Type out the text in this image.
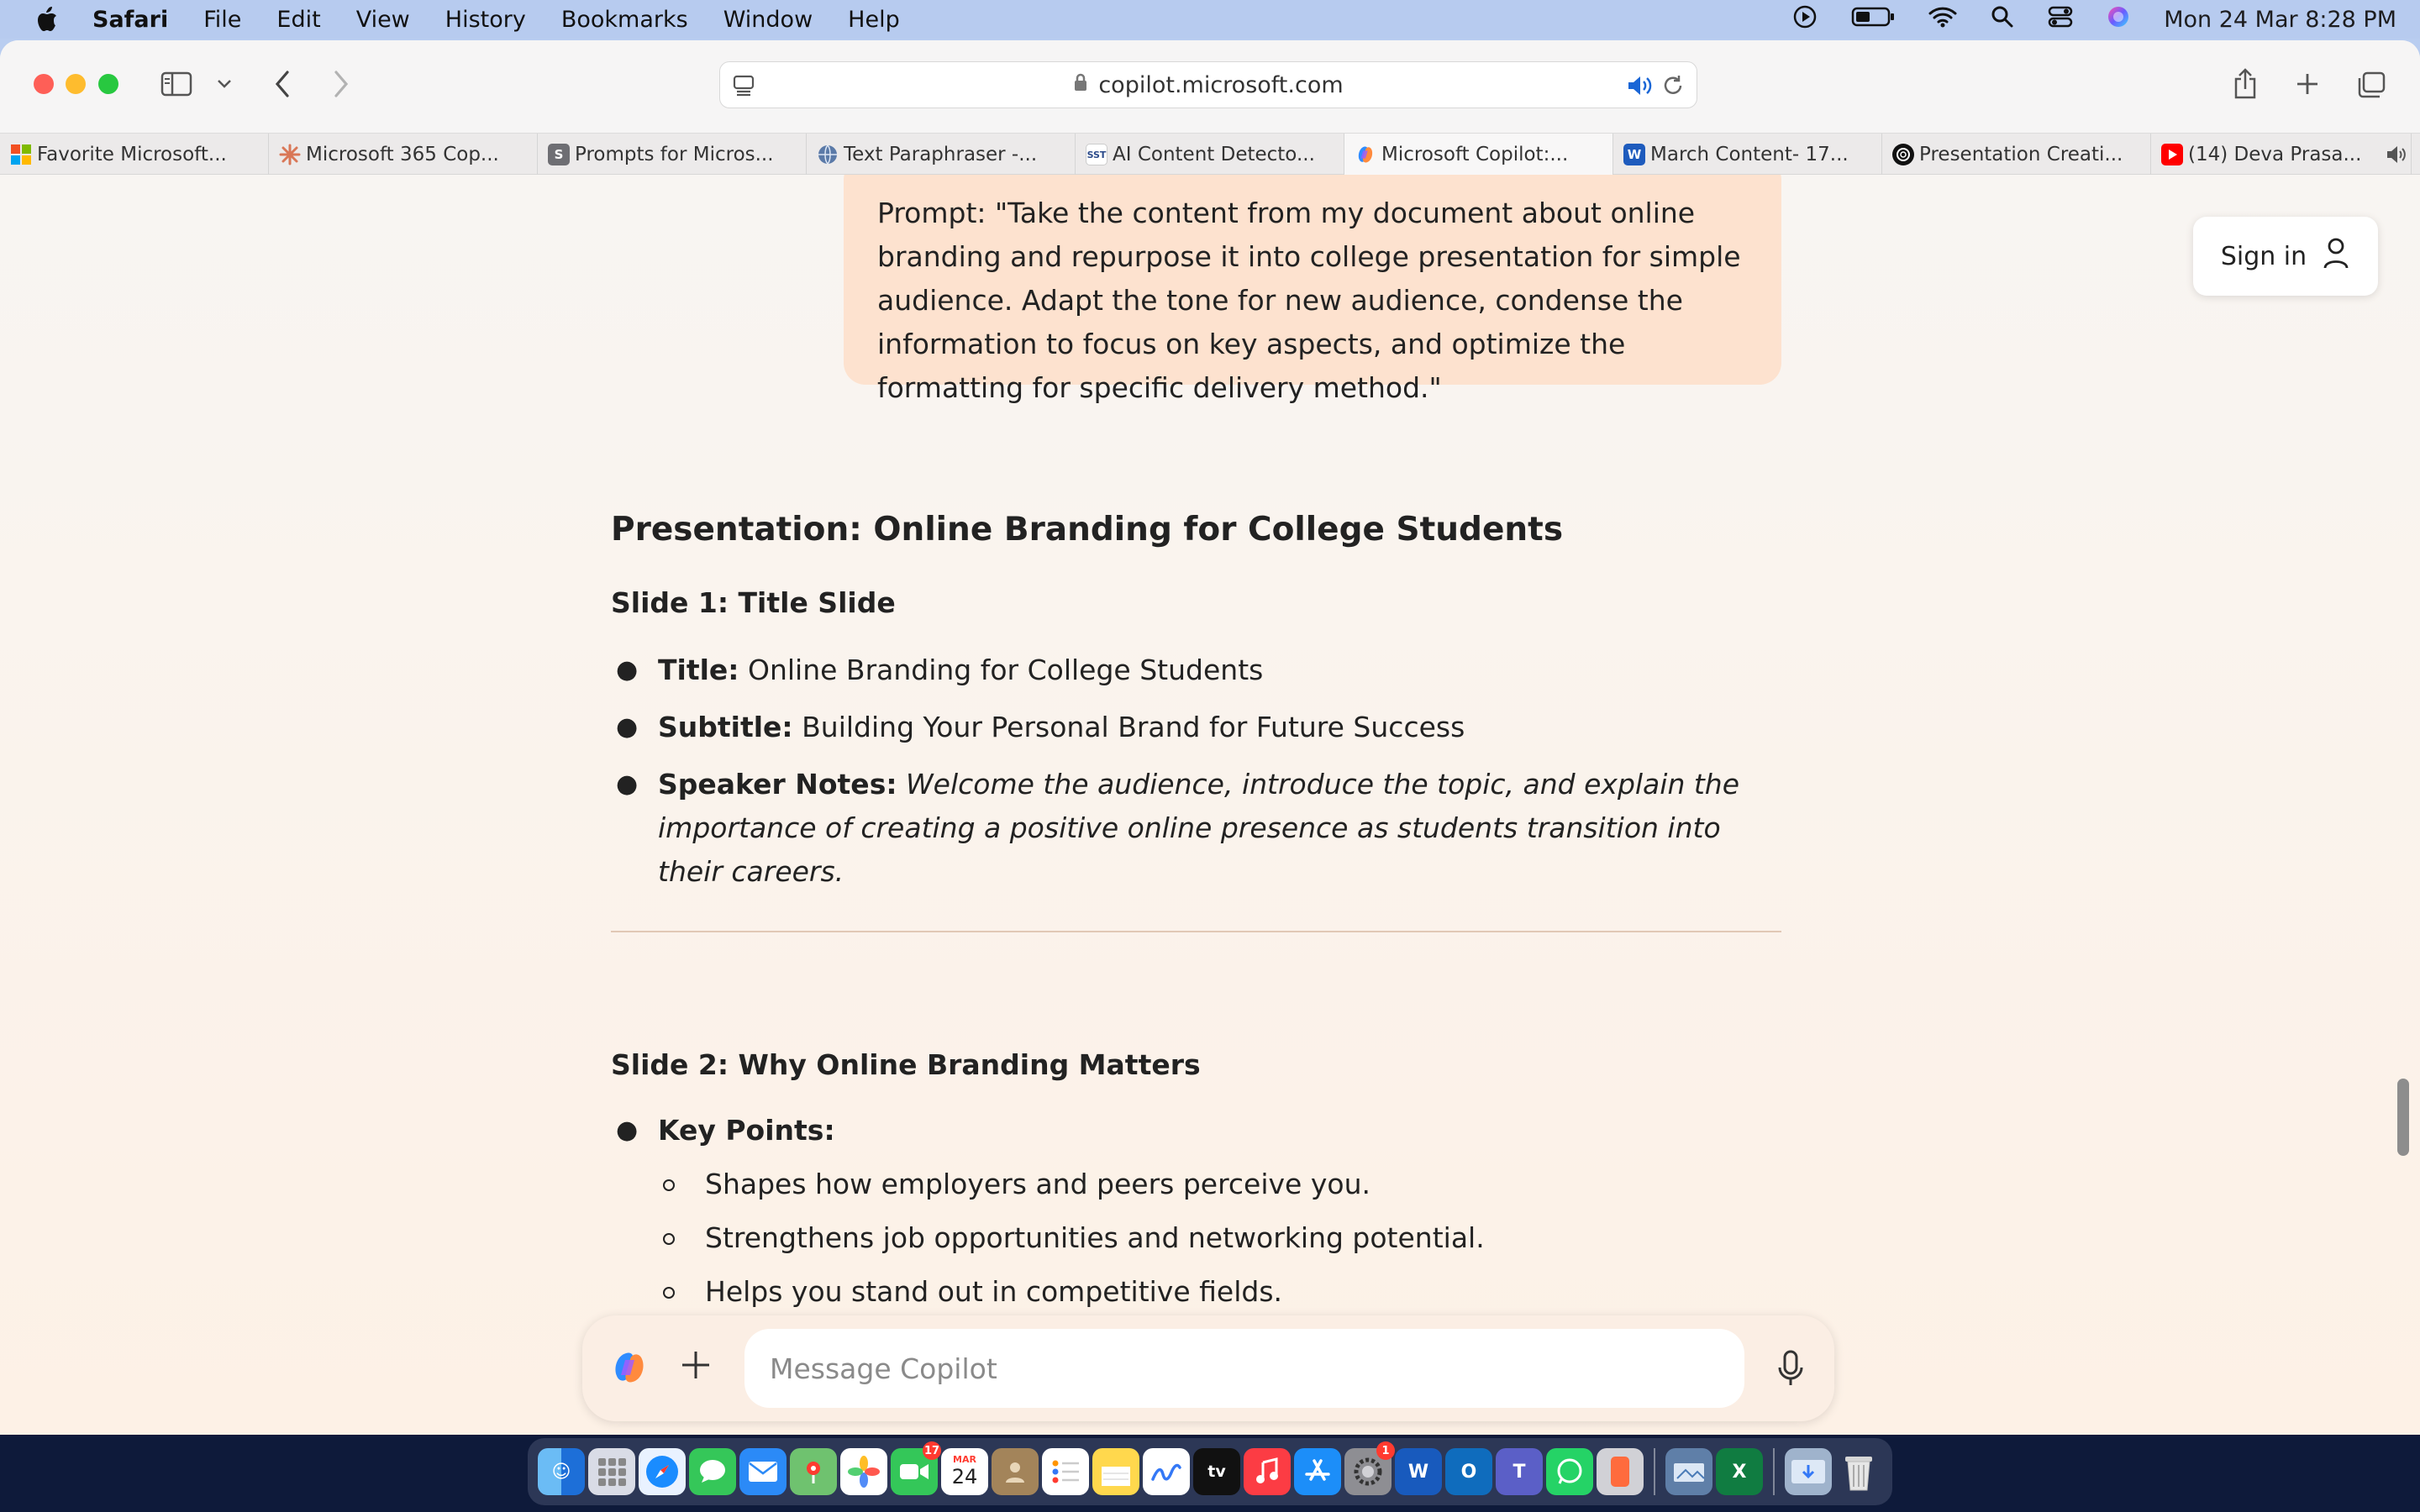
Safari File Edit View History Bookmarks Window Help	Mon 24 Mar 8:28 PM
copilot.microsoft.com
Favorite Microsoft...	Microsoft 365 Cop...	S Prompts for Micros...	Text Paraphraser -...	SST AI Content Detecto...	Microsoft Copilot:...	W March Content- 17...	Presentation Creati...	(14) Deva Prasa...
Prompt: "Take the content from my document about online branding and repurpose it into college presentation for simple audience. Adapt the tone for new audience, condense the information to focus on key aspects, and optimize the formatting for specific delivery method."
Sign in
Presentation: Online Branding for College Students
Slide 1: Title Slide
● Title: Online Branding for College Students
● Subtitle: Building Your Personal Brand for Future Success
● Speaker Notes: Welcome the audience, introduce the topic, and explain the importance of creating a positive online presence as students transition into their careers.
Slide 2: Why Online Branding Matters
● Key Points:
Shapes how employers and peers perceive you.
Strengthens job opportunities and networking potential.
Helps you stand out in competitive fields.
Message Copilot
☺
17
MAR
24	tv
1
W	O	T	X
